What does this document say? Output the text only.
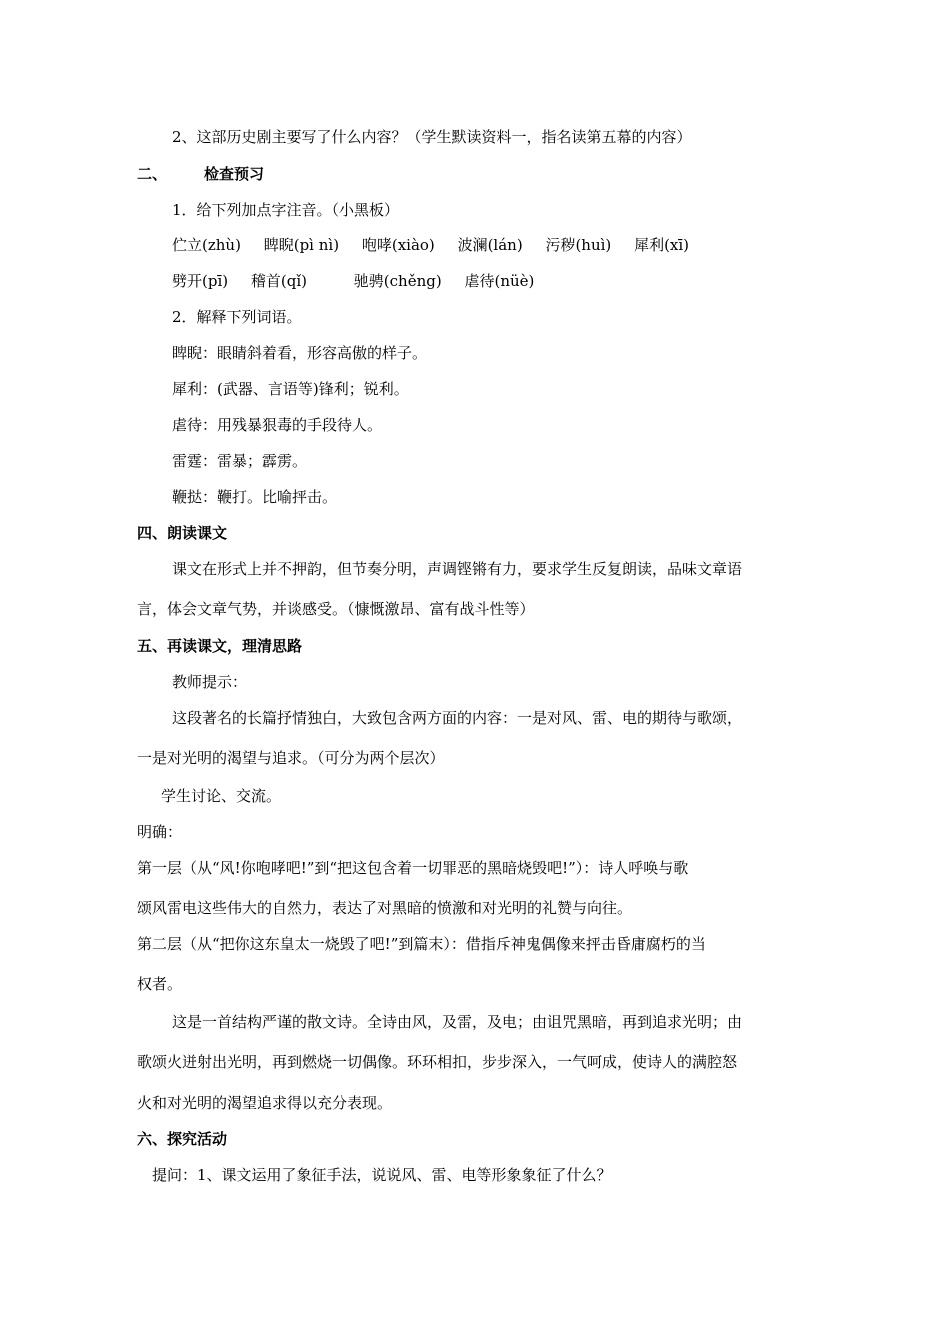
2、这部历史剧主要写了什么内容？（学生默读资料一，指名读第五幕的内容）
二、 检查预习
1．给下列加点字注音。（小黑板）
伫立(zhù) 睥睨(pì nì) 咆哮(xiào) 波澜(lán) 污秽(huì) 犀利(xī)
劈开(pī) 稽首(qǐ)	驰骋(chěng) 虐待(nüè)
2．解释下列词语。
睥睨：眼睛斜着看，形容高傲的样子。
犀利：(武器、言语等)锋利；锐利。
虐待：用残暴狠毒的手段待人。
雷霆：雷暴；霹雳。
鞭挞：鞭打。比喻抨击。
四、朗读课文
课文在形式上并不押韵，但节奏分明，声调铿锵有力，要求学生反复朗读，品味文章语
言，体会文章气势，并谈感受。（慷慨激昂、富有战斗性等）
五、再读课文，理清思路
教师提示：
这段著名的长篇抒情独白，大致包含两方面的内容：一是对风、雷、电的期待与歌颂，
一是对光明的渴望与追求。（可分为两个层次）
学生讨论、交流。
明确：
第一层（从“风!你咆哮吧!”到“把这包含着一切罪恶的黑暗烧毁吧!”）：诗人呼唤与歌
颂风雷电这些伟大的自然力，表达了对黑暗的愤激和对光明的礼赞与向往。
第二层（从“把你这东皇太一烧毁了吧!”到篇末）：借指斥神鬼偶像来抨击昏庸腐朽的当
权者。
这是一首结构严谨的散文诗。全诗由风，及雷，及电；由诅咒黑暗，再到追求光明；由
歌颂火迸射出光明，再到燃烧一切偶像。环环相扣，步步深入，一气呵成，使诗人的满腔怒
火和对光明的渴望追求得以充分表现。
六、探究活动
提问：1、课文运用了象征手法，说说风、雷、电等形象象征了什么？
